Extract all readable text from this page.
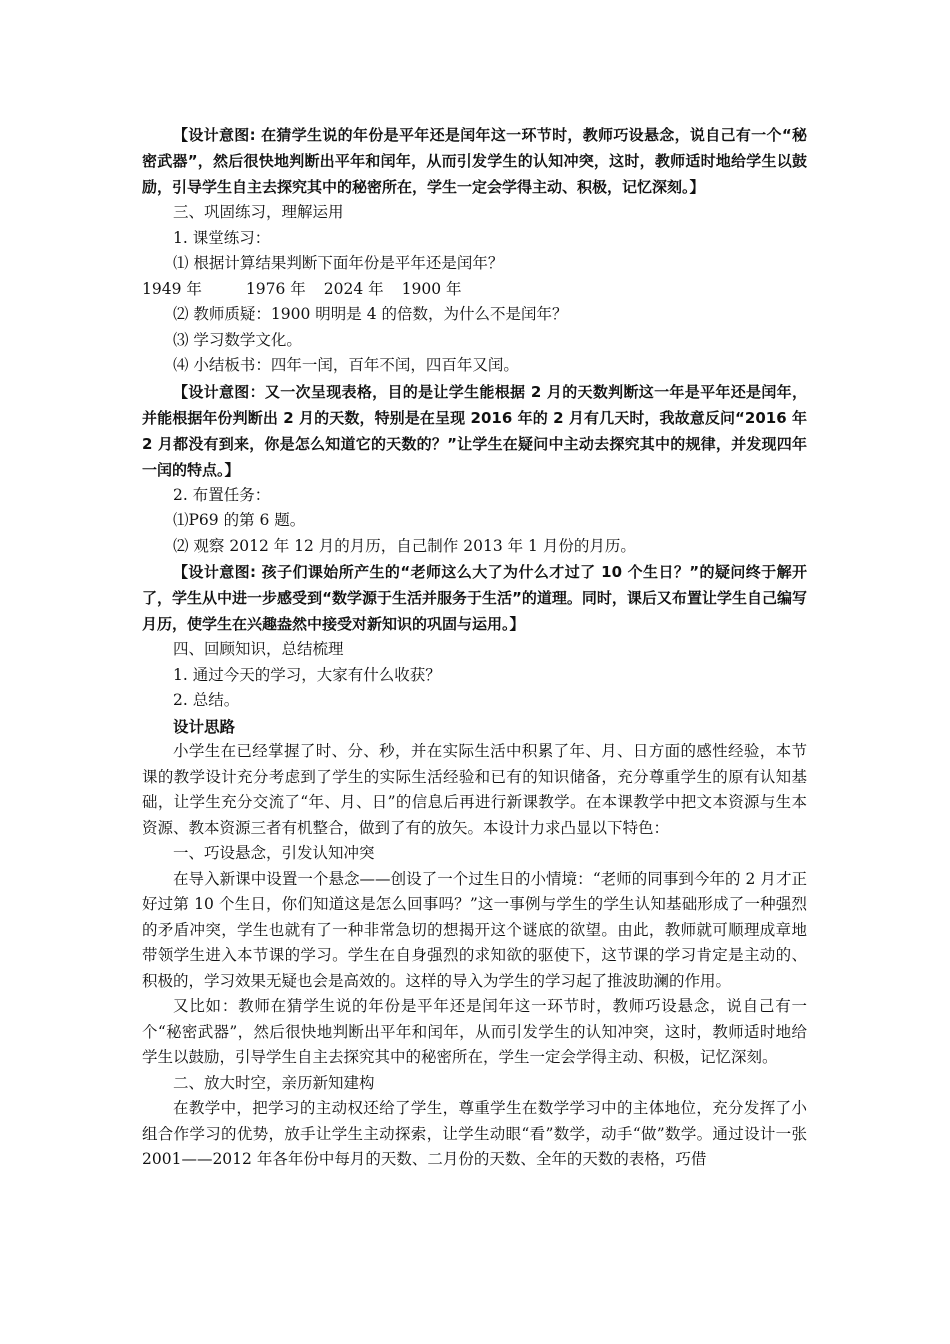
【设计意图: 在猜学生说的年份是平年还是闰年这一环节时，教师巧设悬念，说自己有一个“秘密武器”，然后很快地判断出平年和闰年，从而引发学生的认知冲突，这时，教师适时地给学生以鼓励，引导学生自主去探究其中的秘密所在，学生一定会学得主动、积极，记忆深刻。】

三、巩固练习，理解运用

1. 课堂练习：

⑴ 根据计算结果判断下面年份是平年还是闰年？

1949 年	1976 年 2024 年 1900 年

⑵ 教师质疑：1900 明明是 4 的倍数，为什么不是闰年？

⑶ 学习数学文化。

⑷ 小结板书：四年一闰，百年不闰，四百年又闰。

【设计意图：又一次呈现表格，目的是让学生能根据 2 月的天数判断这一年是平年还是闰年，并能根据年份判断出 2 月的天数，特别是在呈现 2016 年的 2 月有几天时，我故意反问“2016 年 2 月都没有到来，你是怎么知道它的天数的？”让学生在疑问中主动去探究其中的规律，并发现四年一闰的特点。】

2. 布置任务：

⑴P69 的第 6 题。

⑵ 观察 2012 年 12 月的月历，自己制作 2013 年 1 月份的月历。

【设计意图: 孩子们课始所产生的“老师这么大了为什么才过了 10 个生日？”的疑问终于解开了，学生从中进一步感受到“数学源于生活并服务于生活”的道理。同时，课后又布置让学生自己编写月历，使学生在兴趣盎然中接受对新知识的巩固与运用。】

四、回顾知识，总结梳理

1. 通过今天的学习，大家有什么收获？

2. 总结。

设计思路

小学生在已经掌握了时、分、秒，并在实际生活中积累了年、月、日方面的感性经验，本节课的教学设计充分考虑到了学生的实际生活经验和已有的知识储备，充分尊重学生的原有认知基础，让学生充分交流了“年、月、日”的信息后再进行新课教学。在本课教学中把文本资源与生本资源、教本资源三者有机整合，做到了有的放矢。本设计力求凸显以下特色：

一、巧设悬念，引发认知冲突

在导入新课中设置一个悬念——创设了一个过生日的小情境：“老师的同事到今年的 2 月才正好过第 10 个生日，你们知道这是怎么回事吗？”这一事例与学生的学生认知基础形成了一种强烈的矛盾冲突，学生也就有了一种非常急切的想揭开这个谜底的欲望。由此，教师就可顺理成章地带领学生进入本节课的学习。学生在自身强烈的求知欲的驱使下，这节课的学习肯定是主动的、积极的，学习效果无疑也会是高效的。这样的导入为学生的学习起了推波助澜的作用。

又比如：教师在猜学生说的年份是平年还是闰年这一环节时，教师巧设悬念，说自己有一个“秘密武器”，然后很快地判断出平年和闰年，从而引发学生的认知冲突，这时，教师适时地给学生以鼓励，引导学生自主去探究其中的秘密所在，学生一定会学得主动、积极，记忆深刻。

二、放大时空，亲历新知建构

在教学中，把学习的主动权还给了学生，尊重学生在数学学习中的主体地位，充分发挥了小组合作学习的优势，放手让学生主动探索，让学生动眼“看”数学，动手“做”数学。通过设计一张 2001——2012 年各年份中每月的天数、二月份的天数、全年的天数的表格，巧借
